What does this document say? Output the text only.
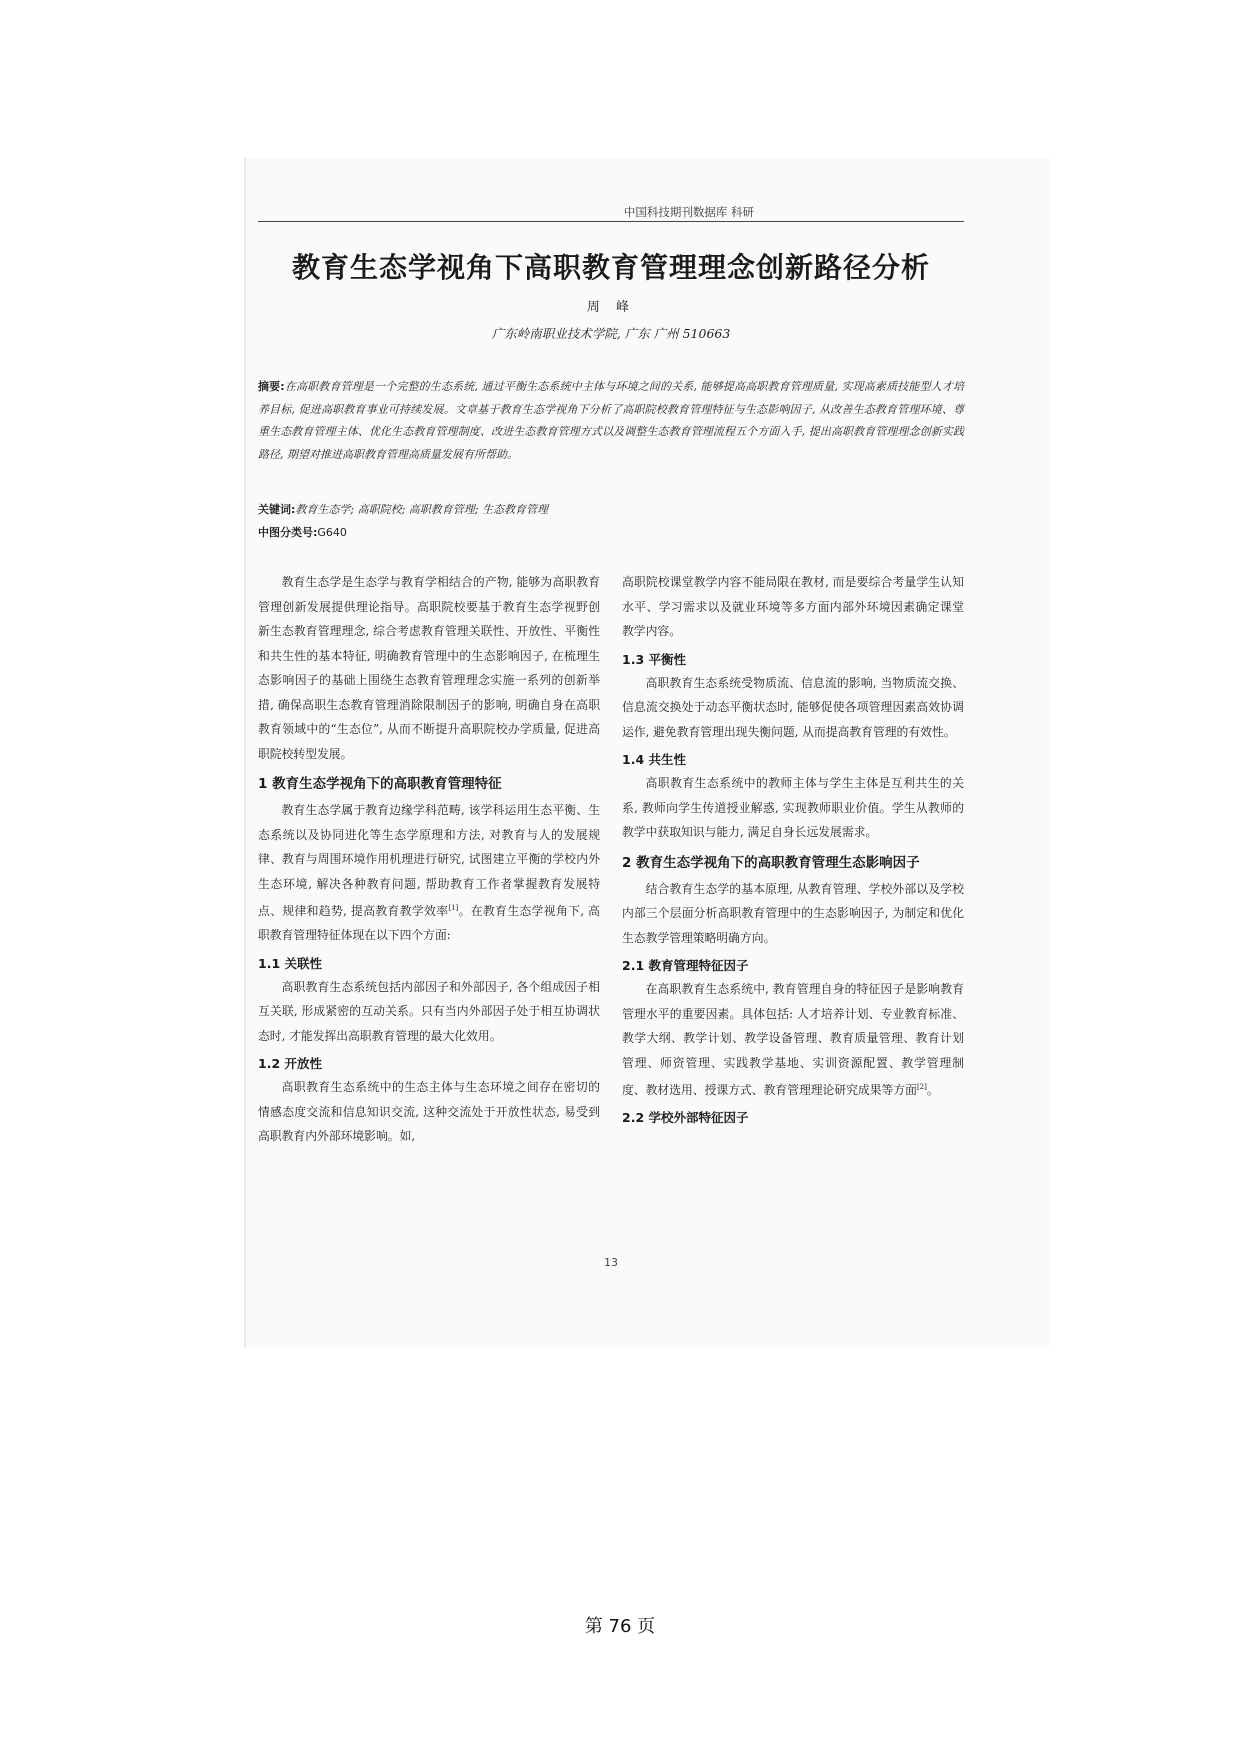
中国科技期刊数据库 科研
教育生态学视角下高职教育管理理念创新路径分析
周 峰
广东岭南职业技术学院, 广东 广州 510663
摘要:在高职教育管理是一个完整的生态系统, 通过平衡生态系统中主体与环境之间的关系, 能够提高高职教育管理质量, 实现高素质技能型人才培养目标, 促进高职教育事业可持续发展。文章基于教育生态学视角下分析了高职院校教育管理特征与生态影响因子, 从改善生态教育管理环境、尊重生态教育管理主体、优化生态教育管理制度、改进生态教育管理方式以及调整生态教育管理流程五个方面入手, 提出高职教育管理理念创新实践路径, 期望对推进高职教育管理高质量发展有所帮助。
关键词:教育生态学; 高职院校; 高职教育管理; 生态教育管理
中图分类号:G640

教育生态学是生态学与教育学相结合的产物, 能够为高职教育管理创新发展提供理论指导。高职院校要基于教育生态学视野创新生态教育管理理念, 综合考虑教育管理关联性、开放性、平衡性和共生性的基本特征, 明确教育管理中的生态影响因子, 在梳理生态影响因子的基础上围绕生态教育管理理念实施一系列的创新举措, 确保高职生态教育管理消除限制因子的影响, 明确自身在高职教育领域中的“生态位”, 从而不断提升高职院校办学质量, 促进高职院校转型发展。

1 教育生态学视角下的高职教育管理特征

教育生态学属于教育边缘学科范畴, 该学科运用生态平衡、生态系统以及协同进化等生态学原理和方法, 对教育与人的发展规律、教育与周围环境作用机理进行研究, 试图建立平衡的学校内外生态环境, 解决各种教育问题, 帮助教育工作者掌握教育发展特点、规律和趋势, 提高教育教学效率[1]。在教育生态学视角下, 高职教育管理特征体现在以下四个方面:

1.1 关联性

高职教育生态系统包括内部因子和外部因子, 各个组成因子相互关联, 形成紧密的互动关系。只有当内外部因子处于相互协调状态时, 才能发挥出高职教育管理的最大化效用。

1.2 开放性

高职教育生态系统中的生态主体与生态环境之间存在密切的情感态度交流和信息知识交流, 这种交流处于开放性状态, 易受到高职教育内外部环境影响。如,

高职院校课堂教学内容不能局限在教材, 而是要综合考量学生认知水平、学习需求以及就业环境等多方面内部外环境因素确定课堂教学内容。

1.3 平衡性

高职教育生态系统受物质流、信息流的影响, 当物质流交换、信息流交换处于动态平衡状态时, 能够促使各项管理因素高效协调运作, 避免教育管理出现失衡问题, 从而提高教育管理的有效性。

1.4 共生性

高职教育生态系统中的教师主体与学生主体是互利共生的关系, 教师向学生传道授业解惑, 实现教师职业价值。学生从教师的教学中获取知识与能力, 满足自身长远发展需求。

2 教育生态学视角下的高职教育管理生态影响因子

结合教育生态学的基本原理, 从教育管理、学校外部以及学校内部三个层面分析高职教育管理中的生态影响因子, 为制定和优化生态教学管理策略明确方向。

2.1 教育管理特征因子

在高职教育生态系统中, 教育管理自身的特征因子是影响教育管理水平的重要因素。具体包括: 人才培养计划、专业教育标准、教学大纲、教学计划、教学设备管理、教育质量管理、教育计划管理、师资管理、实践教学基地、实训资源配置、教学管理制度、教材选用、授课方式、教育管理理论研究成果等方面[2]。

2.2 学校外部特征因子
13
第 76 页
